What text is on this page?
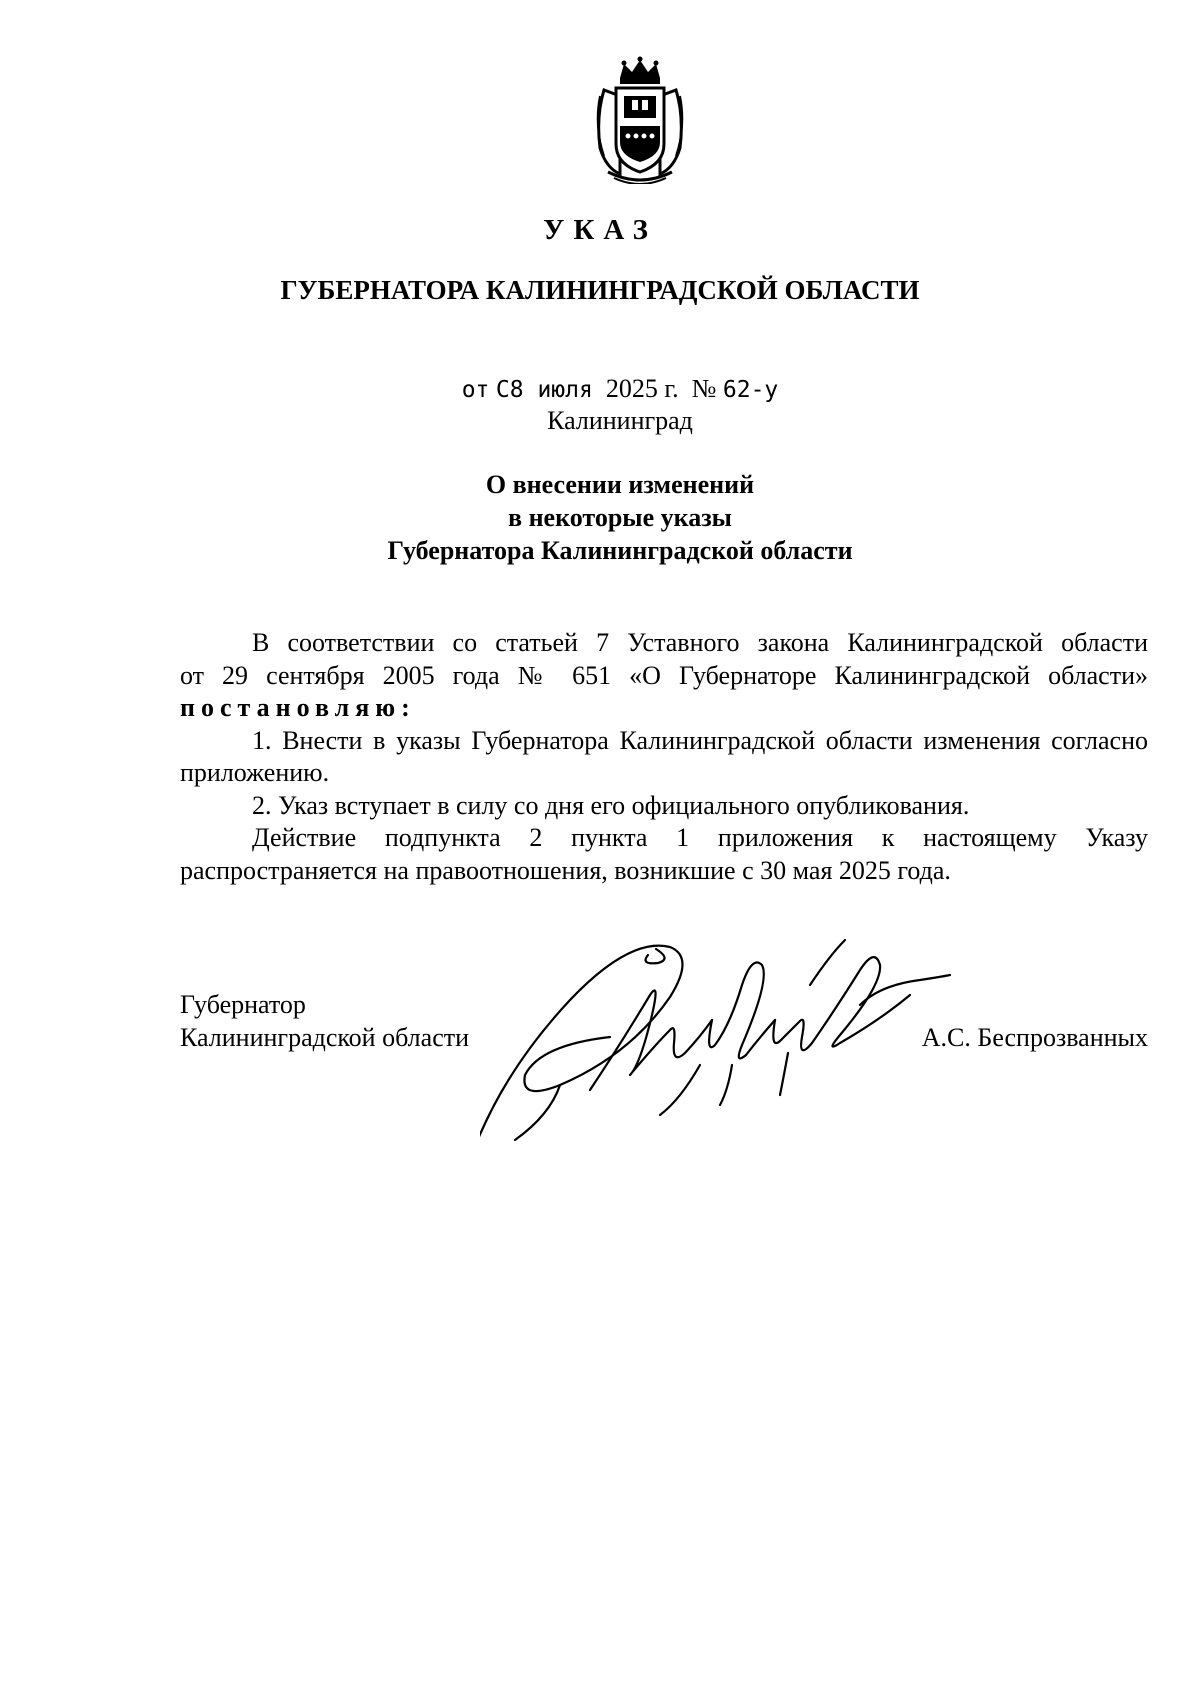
УКАЗ
ГУБЕРНАТОРА КАЛИНИНГРАДСКОЙ ОБЛАСТИ
от С8 июля 2025 г. № 62-у
Калининград
О внесении изменений
в некоторые указы
Губернатора Калининградской области

В соответствии со статьей 7 Уставного закона Калининградской области

от 29 сентября 2005 года № 651 «О Губернаторе Калининградской области»

постановляю:

1. Внести в указы Губернатора Калининградской области изменения согласно приложению.

2. Указ вступает в силу со дня его официального опубликования.

Действие подпункта 2 пункта 1 приложения к настоящему Указу распространяется на правоотношения, возникшие с 30 мая 2025 года.

Губернатор
Калининградской области	А.С. Беспрозванных
